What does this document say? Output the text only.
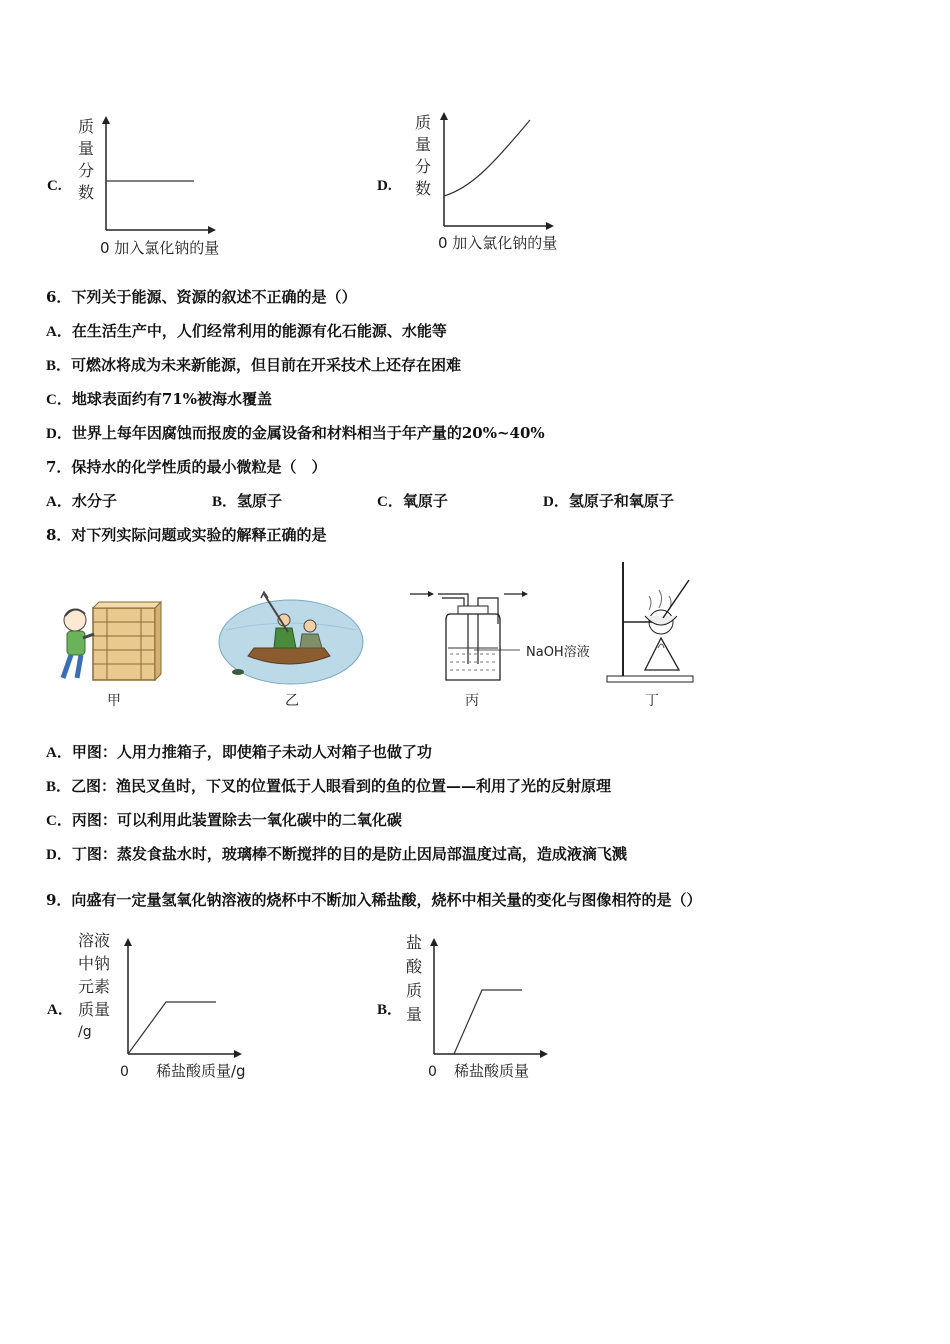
C.
质
量
分
数
0 加入氯化钠的量
D.
质
量
分
数
0 加入氯化钠的量
6．下列关于能源、资源的叙述不正确的是（）
A．在生活生产中，人们经常利用的能源有化石能源、水能等
B．可燃冰将成为未来新能源，但目前在开采技术上还存在困难
C．地球表面约有71%被海水覆盖
D．世界上每年因腐蚀而报废的金属设备和材料相当于年产量的20%~40%
7．保持水的化学性质的最小微粒是（　）
A．水分子	B．氢原子	C．氧原子	D．氢原子和氧原子
8．对下列实际问题或实验的解释正确的是
甲	乙
NaOH溶液
丙	丁
A．甲图：人用力推箱子，即使箱子未动人对箱子也做了功
B．乙图：渔民叉鱼时，下叉的位置低于人眼看到的鱼的位置——利用了光的反射原理
C．丙图：可以利用此装置除去一氧化碳中的二氧化碳
D．丁图：蒸发食盐水时，玻璃棒不断搅拌的目的是防止因局部温度过高，造成液滴飞溅
9．向盛有一定量氢氧化钠溶液的烧杯中不断加入稀盐酸，烧杯中相关量的变化与图像相符的是（）
A．
溶液
中钠
元素
质量
/g
0 稀盐酸质量/g
B．
盐
酸
质
量
0 稀盐酸质量
